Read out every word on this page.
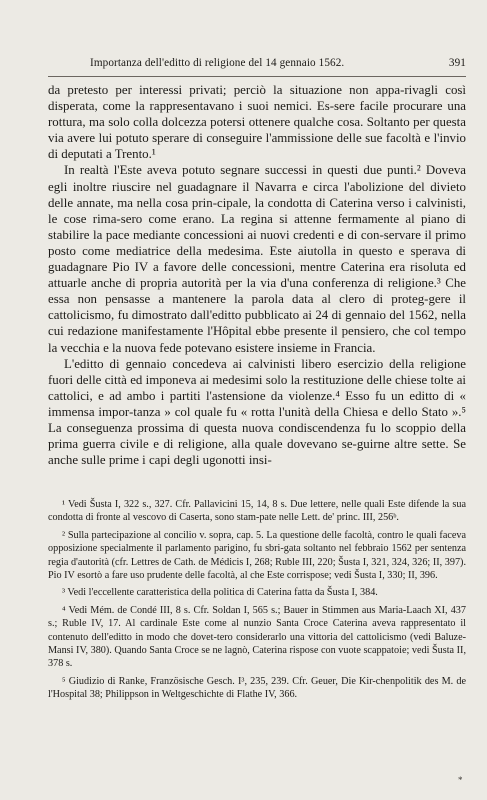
Importanza dell'editto di religione del 14 gennaio 1562.	391

da pretesto per interessi privati; perciò la situazione non appa-rivagli così disperata, come la rappresentavano i suoi nemici. Es-sere facile procurare una rottura, ma solo colla dolcezza potersi ottenere qualche cosa. Soltanto per questa via avere lui potuto sperare di conseguire l'ammissione delle sue facoltà e l'invio di deputati a Trento.¹

In realtà l'Este aveva potuto segnare successi in questi due punti.² Doveva egli inoltre riuscire nel guadagnare il Navarra e circa l'abolizione del divieto delle annate, ma nella cosa prin-cipale, la condotta di Caterina verso i calvinisti, le cose rima-sero come erano. La regina si attenne fermamente al piano di stabilire la pace mediante concessioni ai nuovi credenti e di con-servare il primo posto come mediatrice della medesima. Este aiutolla in questo e sperava di guadagnare Pio IV a favore delle concessioni, mentre Caterina era risoluta ed attuarle anche di propria autorità per la via d'una conferenza di religione.³ Che essa non pensasse a mantenere la parola data al clero di proteg-gere il cattolicismo, fu dimostrato dall'editto pubblicato ai 24 di gennaio del 1562, nella cui redazione manifestamente l'Hôpital ebbe presente il pensiero, che col tempo la vecchia e la nuova fede potevano esistere insieme in Francia.

L'editto di gennaio concedeva ai calvinisti libero esercizio della religione fuori delle città ed imponeva ai medesimi solo la restituzione delle chiese tolte ai cattolici, e ad ambo i partiti l'astensione da violenze.⁴ Esso fu un editto di « immensa impor-tanza » col quale fu « rotta l'unità della Chiesa e dello Stato ».⁵ La conseguenza prossima di questa nuova condiscendenza fu lo scoppio della prima guerra civile e di religione, alla quale dovevano se-guirne altre sette. Se anche sulle prime i capi degli ugonotti insi-

¹ Vedi Šusta I, 322 s., 327. Cfr. Pallavicini 15, 14, 8 s. Due lettere, nelle quali Este difende la sua condotta di fronte al vescovo di Caserta, sono stam-pate nelle Lett. de' princ. III, 256ᵇ.

² Sulla partecipazione al concilio v. sopra, cap. 5. La questione delle facoltà, contro le quali faceva opposizione specialmente il parlamento parigino, fu sbri-gata soltanto nel febbraio 1562 per sentenza regia d'autorità (cfr. Lettres de Cath. de Médicis I, 268; Ruble III, 220; Šusta I, 321, 324, 326; II, 397). Pio IV esortò a fare uso prudente delle facoltà, al che Este corrispose; vedi Šusta I, 330; II, 396.

³ Vedi l'eccellente caratteristica della politica di Caterina fatta da Šusta I, 384.

⁴ Vedi Mém. de Condé III, 8 s. Cfr. Soldan I, 565 s.; Bauer in Stimmen aus Maria-Laach XI, 437 s.; Ruble IV, 17. Al cardinale Este come al nunzio Santa Croce Caterina aveva rappresentato il contenuto dell'editto in modo che dovet-tero considerarlo una vittoria del cattolicismo (vedi Baluze-Mansi IV, 380). Quando Santa Croce se ne lagnò, Caterina rispose con vuote scappatoie; vedi Šusta II, 378 s.

⁵ Giudizio di Ranke, Französische Gesch. I³, 235, 239. Cfr. Geuer, Die Kir-chenpolitik des M. de l'Hospital 38; Philippson in Weltgeschichte di Flathe IV, 366.

*
